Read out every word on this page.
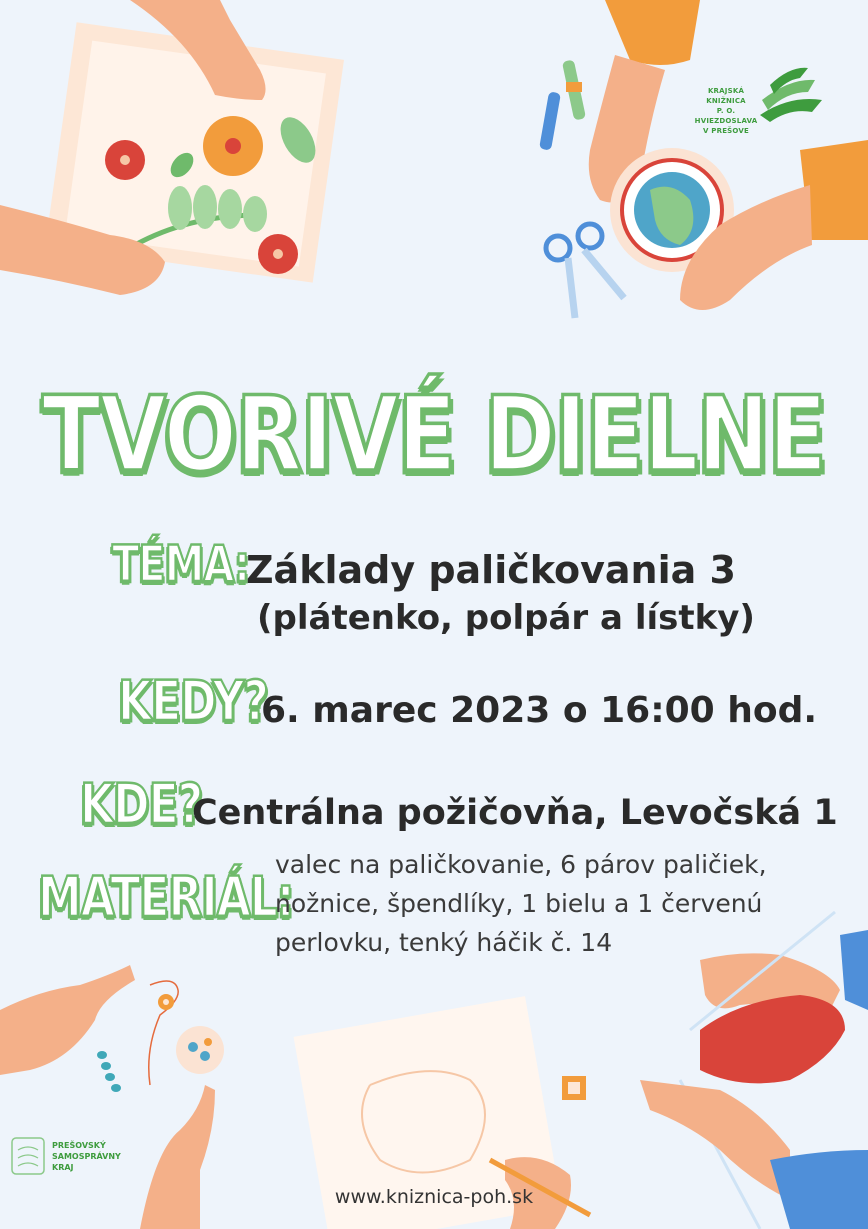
KRAJSKÁ KNIŽNICA
P. O. HVIEZDOSLAVA
V PREŠOVE
TVORIVÉ DIELNE
TÉMA:
Základy paličkovania 3
(plátenko, polpár a lístky)
KEDY?
6. marec 2023 o 16:00 hod.
KDE?
Centrálna požičovňa, Levočská 1
MATERIÁL:
valec na paličkovanie, 6 párov paličiek,
nožnice, špendlíky, 1 bielu a 1 červenú
perlovku, tenký háčik č. 14
PREŠOVSKÝ
SAMOSPRÁVNY
KRAJ
www.kniznica-poh.sk
